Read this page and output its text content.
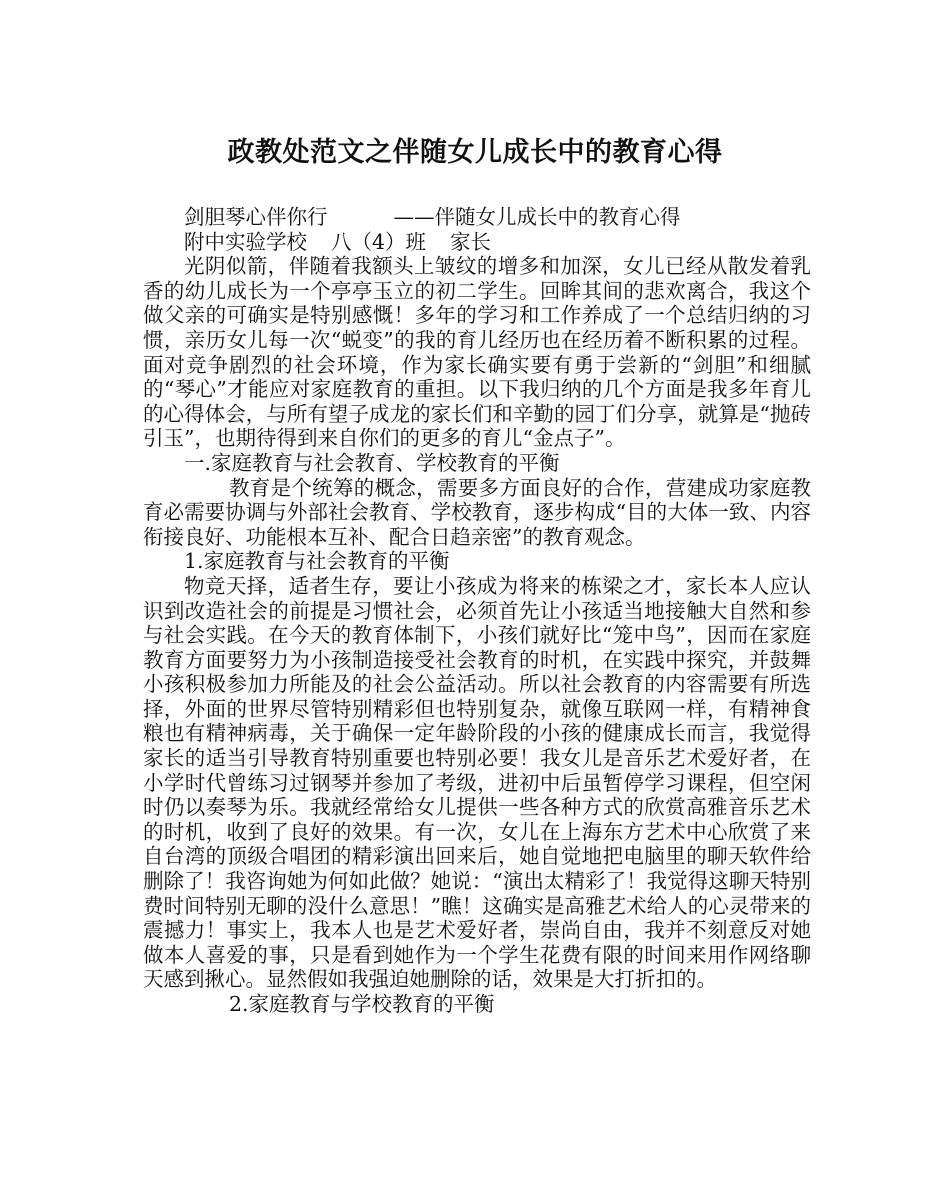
政教处范文之伴随女儿成长中的教育心得

剑胆琴心伴你行	——伴随女儿成长中的教育心得

附中实验学校 八（4）班 家长

光阴似箭，伴随着我额头上皱纹的增多和加深，女儿已经从散发着乳香的幼儿成长为一个亭亭玉立的初二学生。回眸其间的悲欢离合，我这个做父亲的可确实是特别感慨！多年的学习和工作养成了一个总结归纳的习惯，亲历女儿每一次“蜕变”的我的育儿经历也在经历着不断积累的过程。面对竞争剧烈的社会环境，作为家长确实要有勇于尝新的“剑胆”和细腻的“琴心”才能应对家庭教育的重担。以下我归纳的几个方面是我多年育儿的心得体会，与所有望子成龙的家长们和辛勤的园丁们分享，就算是“抛砖引玉”，也期待得到来自你们的更多的育儿“金点子”。

一.家庭教育与社会教育、学校教育的平衡

教育是个统筹的概念，需要多方面良好的合作，营建成功家庭教育必需要协调与外部社会教育、学校教育，逐步构成“目的大体一致、内容衔接良好、功能根本互补、配合日趋亲密”的教育观念。

1.家庭教育与社会教育的平衡

物竞天择，适者生存，要让小孩成为将来的栋梁之才，家长本人应认识到改造社会的前提是习惯社会，必须首先让小孩适当地接触大自然和参与社会实践。在今天的教育体制下，小孩们就好比“笼中鸟”，因而在家庭教育方面要努力为小孩制造接受社会教育的时机，在实践中探究，并鼓舞小孩积极参加力所能及的社会公益活动。所以社会教育的内容需要有所选择，外面的世界尽管特别精彩但也特别复杂，就像互联网一样，有精神食粮也有精神病毒，关于确保一定年龄阶段的小孩的健康成长而言，我觉得家长的适当引导教育特别重要也特别必要！我女儿是音乐艺术爱好者，在小学时代曾练习过钢琴并参加了考级，进初中后虽暂停学习课程，但空闲时仍以奏琴为乐。我就经常给女儿提供一些各种方式的欣赏高雅音乐艺术的时机，收到了良好的效果。有一次，女儿在上海东方艺术中心欣赏了来自台湾的顶级合唱团的精彩演出回来后，她自觉地把电脑里的聊天软件给删除了！我咨询她为何如此做？她说：“演出太精彩了！我觉得这聊天特别费时间特别无聊的没什么意思！”瞧！这确实是高雅艺术给人的心灵带来的震撼力！事实上，我本人也是艺术爱好者，崇尚自由，我并不刻意反对她做本人喜爱的事，只是看到她作为一个学生花费有限的时间来用作网络聊天感到揪心。显然假如我强迫她删除的话，效果是大打折扣的。

2.家庭教育与学校教育的平衡
